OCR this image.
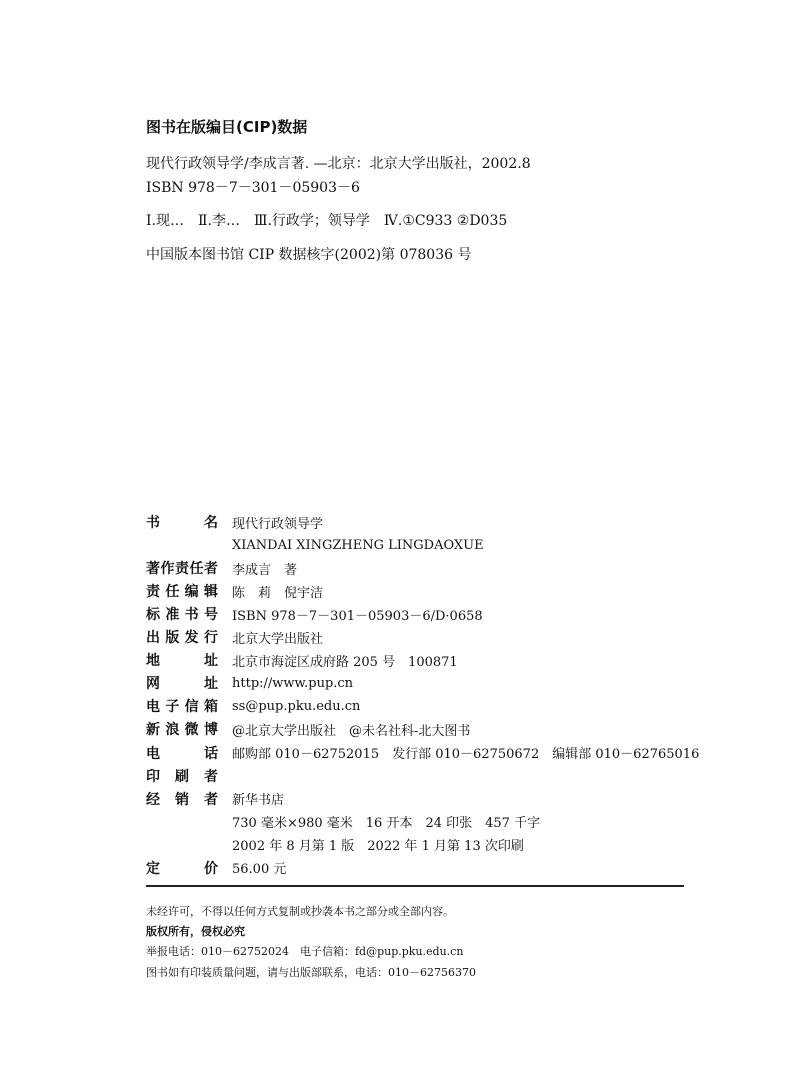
图书在版编目(CIP)数据
现代行政领导学/李成言著. —北京：北京大学出版社，2002.8
ISBN 978－7－301－05903－6
Ⅰ.现…　Ⅱ.李…　Ⅲ.行政学；领导学　Ⅳ.①C933 ②D035
中国版本图书馆 CIP 数据核字(2002)第 078036 号
书	名 现代行政领导学
XIANDAI XINGZHENG LINGDAOXUE
著 作 责 任 者 李成言　著
责 任 编 辑 陈　莉　倪宇洁
标 准 书 号 ISBN 978－7－301－05903－6/D·0658
出 版 发 行 北京大学出版社
地	址 北京市海淀区成府路 205 号　100871
网	址 http://www.pup.cn
电 子 信 箱 ss@pup.pku.edu.cn
新 浪 微 博 @北京大学出版社　@未名社科-北大图书
电	话 邮购部 010－62752015　发行部 010－62750672　编辑部 010－62765016
印 刷 者
经 销 者 新华书店
730 毫米×980 毫米　16 开本　24 印张　457 千字
2002 年 8 月第 1 版　2022 年 1 月第 13 次印刷
定	价 56.00 元
未经许可，不得以任何方式复制或抄袭本书之部分或全部内容。
版权所有，侵权必究
举报电话：010－62752024　电子信箱：fd@pup.pku.edu.cn
图书如有印装质量问题，请与出版部联系，电话：010－62756370
